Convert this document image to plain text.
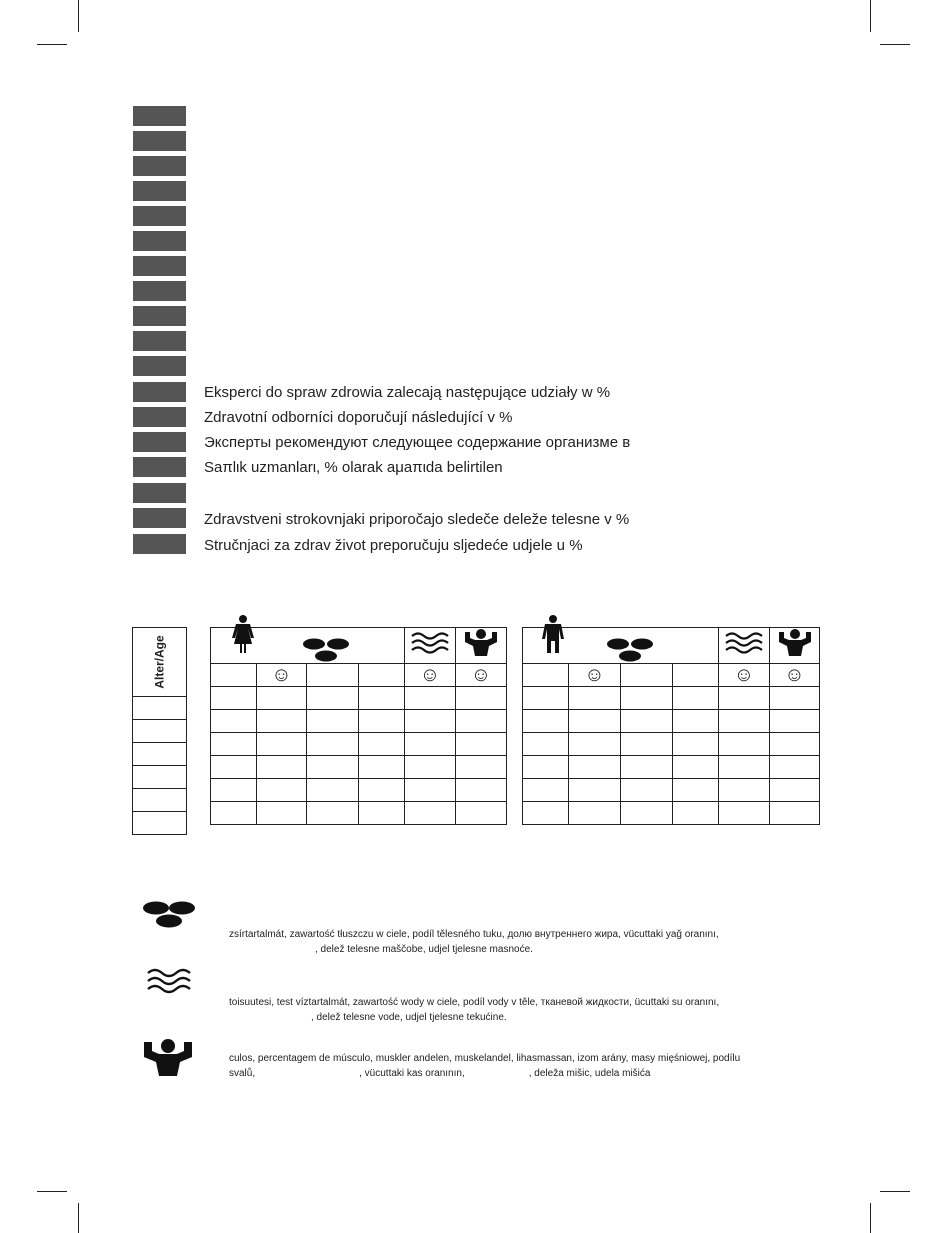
Eksperci do spraw zdrowia zalecają następujące udziały w %
Zdravotní odborníci doporučují následující v %
Эксперты рекомендуют следующее содержание организме в
Saπlιk uzmanlarι, % olarak aμaπιda belirtilen
Zdravstveni strokovnjaki priporočajo sledeče deleže telesne v %
Stručnjaci za zdrav život preporučuju sljedeće udjele u %
Alter/Age

		☺			☺	☺

		☺			☺	☺

zsírtartalmát, zawartość tłuszczu w ciele, podíl tělesného tuku, долю внутреннего жира, vücuttaki yağ oranını,
, delež telesne maščobe, udjel tjelesne masnoće.
toisuutesi, test víztartalmát, zawartość wody w ciele, podíl vody v těle, тканевой жидкости, ücuttaki su oranını,
, delež telesne vode, udjel tjelesne tekućine.
culos, percentagem de músculo, muskler andelen, muskelandel, lihasmassan, izom arány, masy mięśniowej, podílu
svalů,	, vücuttaki kas oranının,	, deleža mišic, udela mišića
